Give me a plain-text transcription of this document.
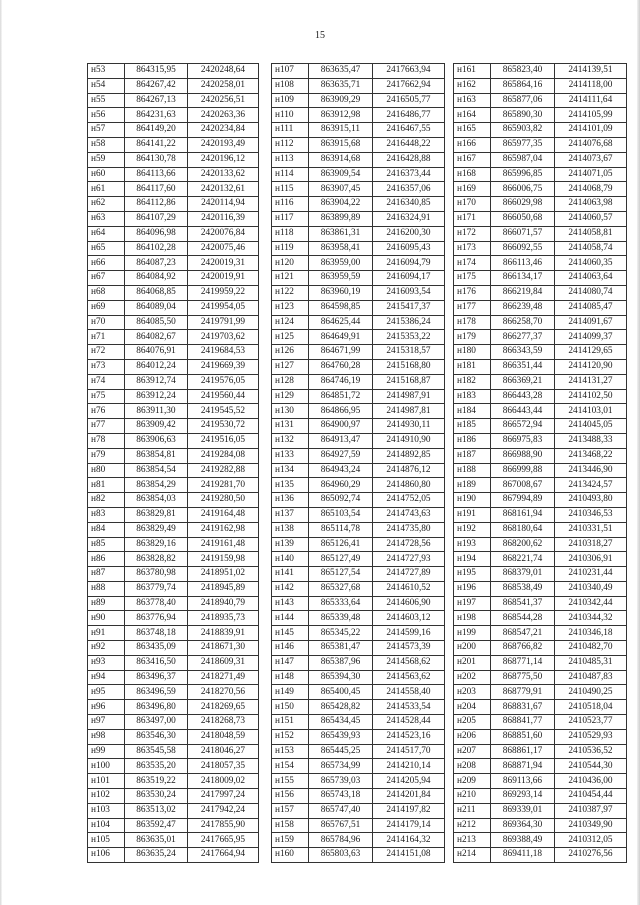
15
н53	864315,95	2420248,64
н54	864267,42	2420258,01
н55	864267,13	2420256,51
н56	864231,63	2420263,36
н57	864149,20	2420234,84
н58	864141,22	2420193,49
н59	864130,78	2420196,12
н60	864113,66	2420133,62
н61	864117,60	2420132,61
н62	864112,86	2420114,94
н63	864107,29	2420116,39
н64	864096,98	2420076,84
н65	864102,28	2420075,46
н66	864087,23	2420019,31
н67	864084,92	2420019,91
н68	864068,85	2419959,22
н69	864089,04	2419954,05
н70	864085,50	2419791,99
н71	864082,67	2419703,62
н72	864076,91	2419684,53
н73	864012,24	2419669,39
н74	863912,74	2419576,05
н75	863912,24	2419560,44
н76	863911,30	2419545,52
н77	863909,42	2419530,72
н78	863906,63	2419516,05
н79	863854,81	2419284,08
н80	863854,54	2419282,88
н81	863854,29	2419281,70
н82	863854,03	2419280,50
н83	863829,81	2419164,48
н84	863829,49	2419162,98
н85	863829,16	2419161,48
н86	863828,82	2419159,98
н87	863780,98	2418951,02
н88	863779,74	2418945,89
н89	863778,40	2418940,79
н90	863776,94	2418935,73
н91	863748,18	2418839,91
н92	863435,09	2418671,30
н93	863416,50	2418609,31
н94	863496,37	2418271,49
н95	863496,59	2418270,56
н96	863496,80	2418269,65
н97	863497,00	2418268,73
н98	863546,30	2418048,59
н99	863545,58	2418046,27
н100	863535,20	2418057,35
н101	863519,22	2418009,02
н102	863530,24	2417997,24
н103	863513,02	2417942,24
н104	863592,47	2417855,90
н105	863635,01	2417665,95
н106	863635,24	2417664,94
н107	863635,47	2417663,94
н108	863635,71	2417662,94
н109	863909,29	2416505,77
н110	863912,98	2416486,77
н111	863915,11	2416467,55
н112	863915,68	2416448,22
н113	863914,68	2416428,88
н114	863909,54	2416373,44
н115	863907,45	2416357,06
н116	863904,22	2416340,85
н117	863899,89	2416324,91
н118	863861,31	2416200,30
н119	863958,41	2416095,43
н120	863959,00	2416094,79
н121	863959,59	2416094,17
н122	863960,19	2416093,54
н123	864598,85	2415417,37
н124	864625,44	2415386,24
н125	864649,91	2415353,22
н126	864671,99	2415318,57
н127	864760,28	2415168,80
н128	864746,19	2415168,87
н129	864851,72	2414987,91
н130	864866,95	2414987,81
н131	864900,97	2414930,11
н132	864913,47	2414910,90
н133	864927,59	2414892,85
н134	864943,24	2414876,12
н135	864960,29	2414860,80
н136	865092,74	2414752,05
н137	865103,54	2414743,63
н138	865114,78	2414735,80
н139	865126,41	2414728,56
н140	865127,49	2414727,93
н141	865127,54	2414727,89
н142	865327,68	2414610,52
н143	865333,64	2414606,90
н144	865339,48	2414603,12
н145	865345,22	2414599,16
н146	865381,47	2414573,39
н147	865387,96	2414568,62
н148	865394,30	2414563,62
н149	865400,45	2414558,40
н150	865428,82	2414533,54
н151	865434,45	2414528,44
н152	865439,93	2414523,16
н153	865445,25	2414517,70
н154	865734,99	2414210,14
н155	865739,03	2414205,94
н156	865743,18	2414201,84
н157	865747,40	2414197,82
н158	865767,51	2414179,14
н159	865784,96	2414164,32
н160	865803,63	2414151,08
н161	865823,40	2414139,51
н162	865864,16	2414118,00
н163	865877,06	2414111,64
н164	865890,30	2414105,99
н165	865903,82	2414101,09
н166	865977,35	2414076,68
н167	865987,04	2414073,67
н168	865996,85	2414071,05
н169	866006,75	2414068,79
н170	866029,98	2414063,98
н171	866050,68	2414060,57
н172	866071,57	2414058,81
н173	866092,55	2414058,74
н174	866113,46	2414060,35
н175	866134,17	2414063,64
н176	866219,84	2414080,74
н177	866239,48	2414085,47
н178	866258,70	2414091,67
н179	866277,37	2414099,37
н180	866343,59	2414129,65
н181	866351,44	2414120,90
н182	866369,21	2414131,27
н183	866443,28	2414102,50
н184	866443,44	2414103,01
н185	866572,94	2414045,05
н186	866975,83	2413488,33
н187	866988,90	2413468,22
н188	866999,88	2413446,90
н189	867008,67	2413424,57
н190	867994,89	2410493,80
н191	868161,94	2410346,53
н192	868180,64	2410331,51
н193	868200,62	2410318,27
н194	868221,74	2410306,91
н195	868379,01	2410231,44
н196	868538,49	2410340,49
н197	868541,37	2410342,44
н198	868544,28	2410344,32
н199	868547,21	2410346,18
н200	868766,82	2410482,70
н201	868771,14	2410485,31
н202	868775,50	2410487,83
н203	868779,91	2410490,25
н204	868831,67	2410518,04
н205	868841,77	2410523,77
н206	868851,60	2410529,93
н207	868861,17	2410536,52
н208	868871,94	2410544,30
н209	869113,66	2410436,00
н210	869293,14	2410454,44
н211	869339,01	2410387,97
н212	869364,30	2410349,90
н213	869388,49	2410312,05
н214	869411,18	2410276,56
